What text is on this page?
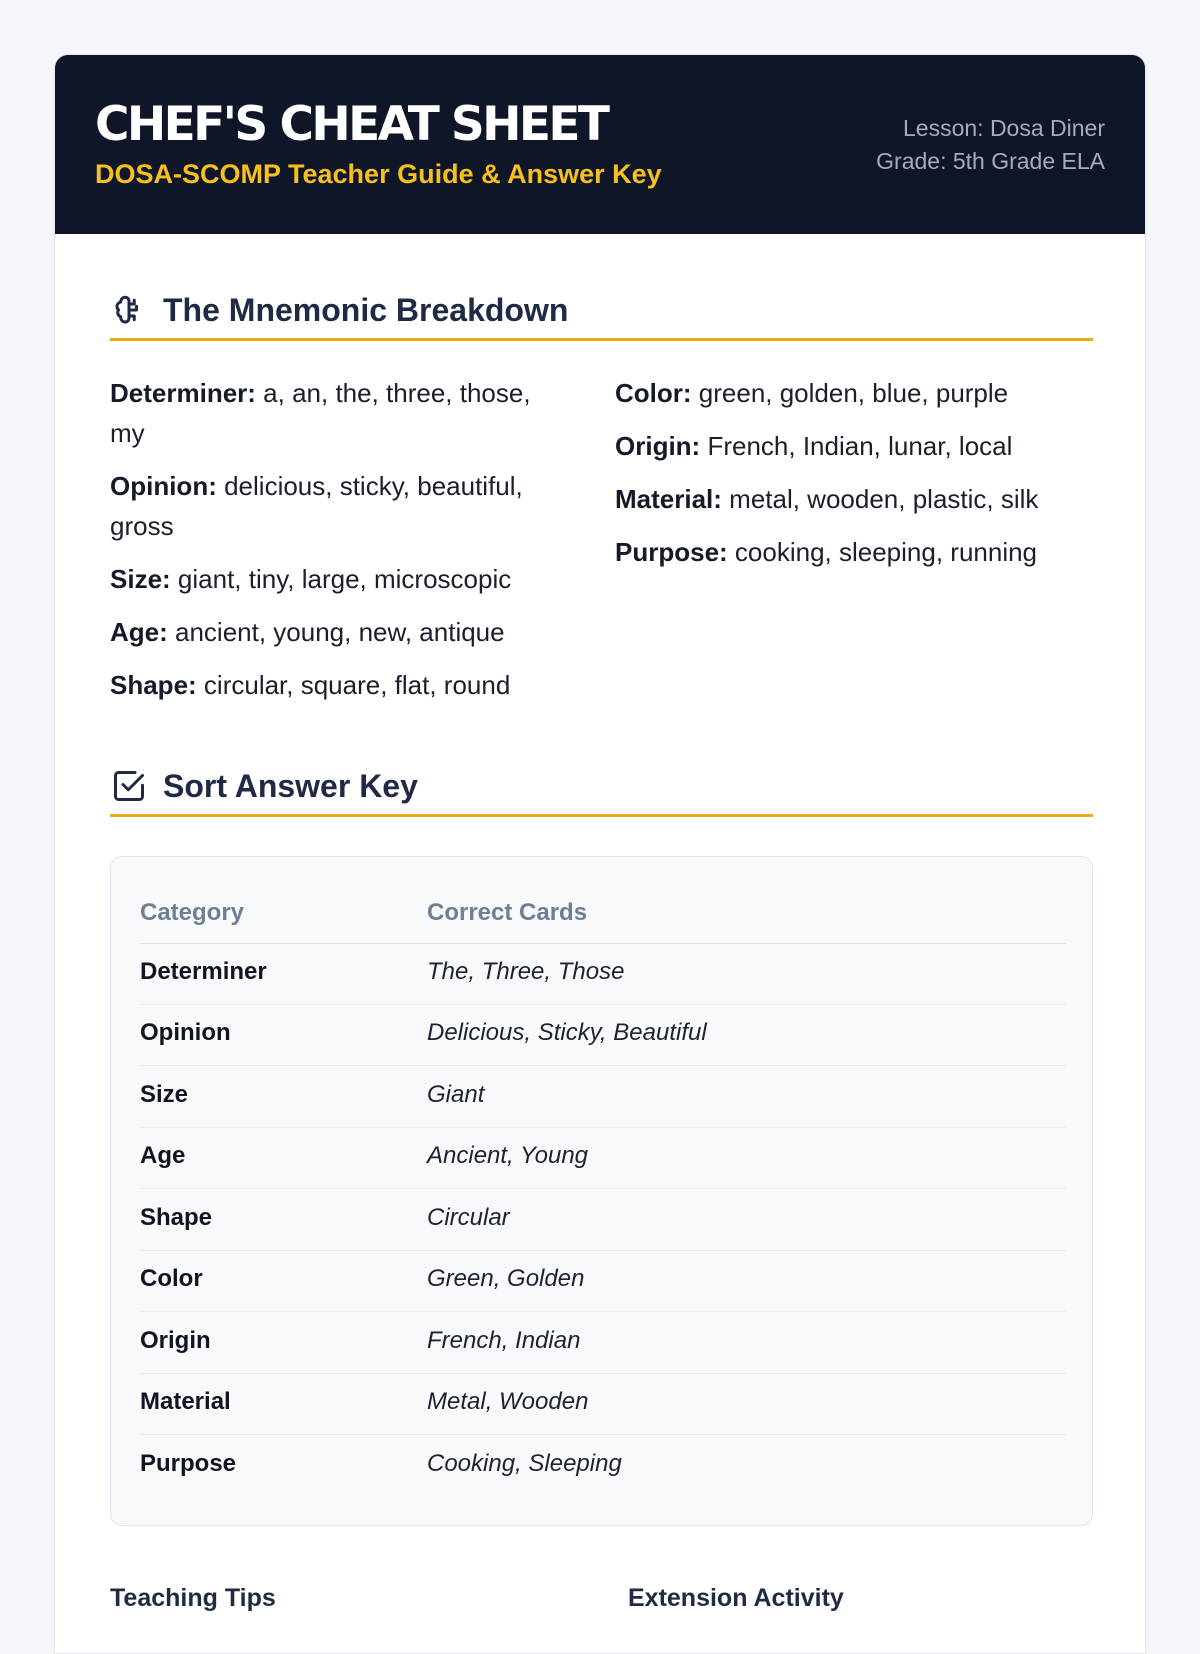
CHEF'S CHEAT SHEET
DOSA-SCOMP Teacher Guide & Answer Key
Lesson: Dosa Diner
Grade: 5th Grade ELA
The Mnemonic Breakdown
Determiner: a, an, the, three, those, my
Opinion: delicious, sticky, beautiful, gross
Size: giant, tiny, large, microscopic
Age: ancient, young, new, antique
Shape: circular, square, flat, round
Color: green, golden, blue, purple
Origin: French, Indian, lunar, local
Material: metal, wooden, plastic, silk
Purpose: cooking, sleeping, running
Sort Answer Key
Category	Correct Cards
Determiner	The, Three, Those
Opinion	Delicious, Sticky, Beautiful
Size	Giant
Age	Ancient, Young
Shape	Circular
Color	Green, Golden
Origin	French, Indian
Material	Metal, Wooden
Purpose	Cooking, Sleeping
Teaching Tips	Extension Activity
